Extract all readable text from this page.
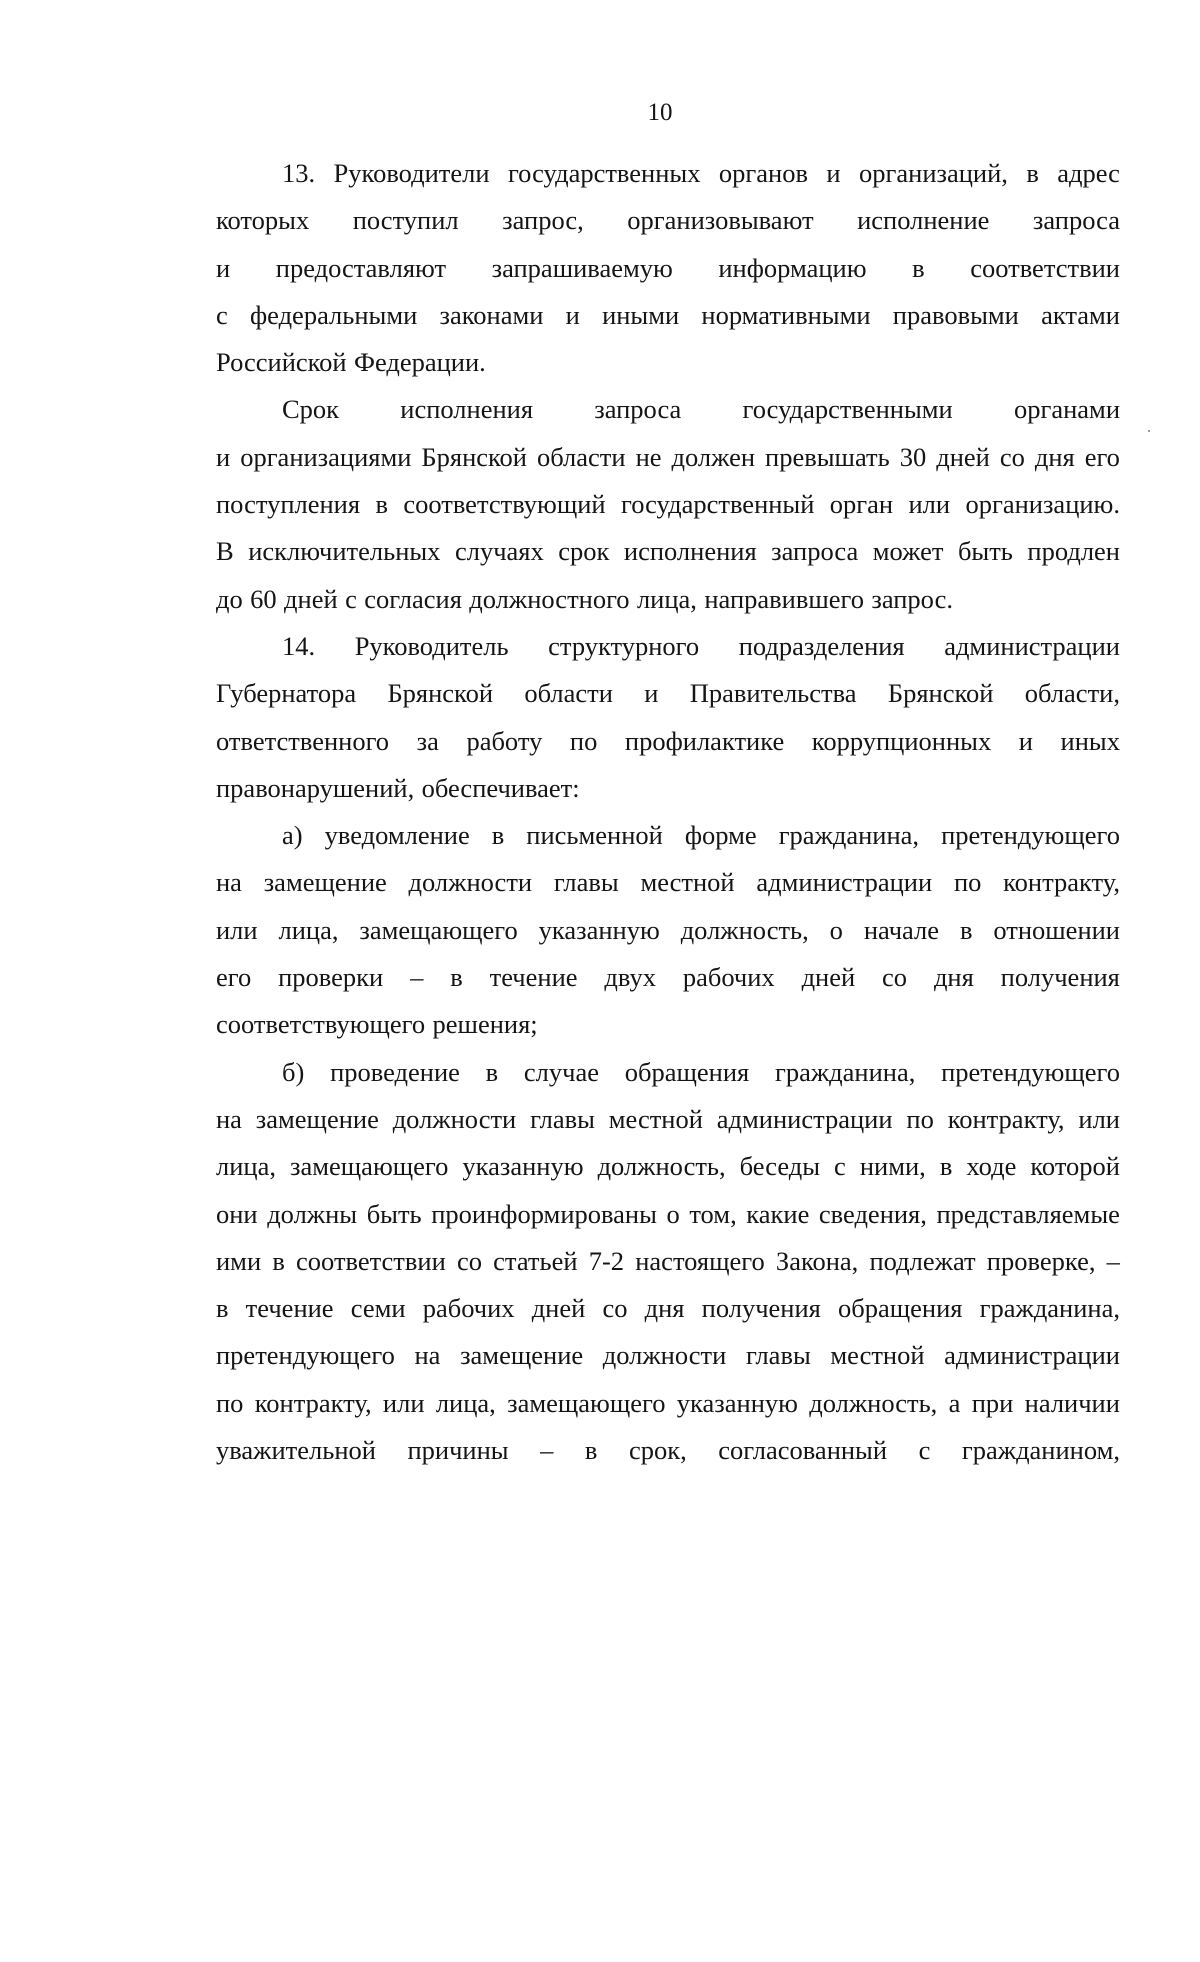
10
13. Руководители государственных органов и организаций, в адрес
которых поступил запрос, организовывают исполнение запроса
и предоставляют запрашиваемую информацию в соответствии
с федеральными законами и иными нормативными правовыми актами
Российской Федерации.
Срок исполнения запроса государственными органами
и организациями Брянской области не должен превышать 30 дней со дня его
поступления в соответствующий государственный орган или организацию.
В исключительных случаях срок исполнения запроса может быть продлен
до 60 дней с согласия должностного лица, направившего запрос.
14. Руководитель структурного подразделения администрации
Губернатора Брянской области и Правительства Брянской области,
ответственного за работу по профилактике коррупционных и иных
правонарушений, обеспечивает:
а) уведомление в письменной форме гражданина, претендующего
на замещение должности главы местной администрации по контракту,
или лица, замещающего указанную должность, о начале в отношении
его проверки – в течение двух рабочих дней со дня получения
соответствующего решения;
б) проведение в случае обращения гражданина, претендующего
на замещение должности главы местной администрации по контракту, или
лица, замещающего указанную должность, беседы с ними, в ходе которой
они должны быть проинформированы о том, какие сведения, представляемые
ими в соответствии со статьей 7-2 настоящего Закона, подлежат проверке, –
в течение семи рабочих дней со дня получения обращения гражданина,
претендующего на замещение должности главы местной администрации
по контракту, или лица, замещающего указанную должность, а при наличии
уважительной причины – в срок, согласованный с гражданином,
